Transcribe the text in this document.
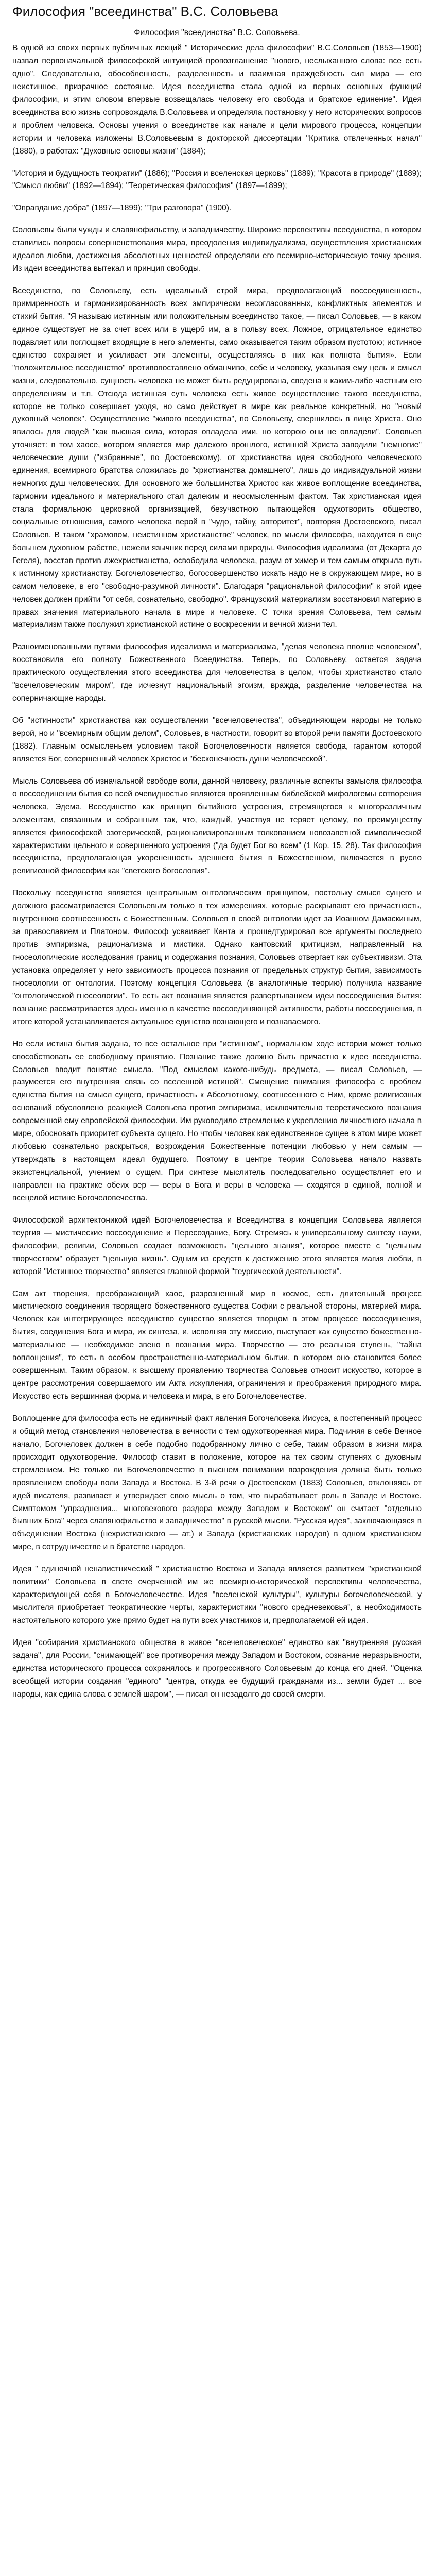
Философия "всеединства" В.С. Соловьева
Философия "всеединства" В.С. Соловьева.

В одной из своих первых публичных лекций " Исторические дела философии" В.С.Соловьев (1853—1900) назвал первоначальной философской интуицией провозглашение "нового, неслыханного слова: все есть одно". Следовательно, обособленность, разделенность и взаимная враждебность сил мира — его неистинное, призрачное состояние. Идея всеединства стала одной из первых основных функций философии, и этим словом впервые возвещалась человеку его свобода и братское единение". Идея всеединства всю жизнь сопровождала В.Соловьева и определяла постановку у него исторических вопросов и проблем человека. Основы учения о всеединстве как начале и цели мирового процесса, концепции истории и человека изложены В.Соловьевым в докторской диссертации "Критика отвлеченных начал" (1880), в работах: "Духовные основы жизни" (1884);

"История и будущность теократии" (1886); "Россия и вселенская церковь" (1889); "Красота в природе" (1889); "Смысл любви" (1892—1894); "Теоретическая философия" (1897—1899);

"Оправдание добра" (1897—1899); "Три разговора" (1900).

Соловьевы были чужды и славянофильству, и западничеству. Широкие перспективы всеединства, в котором ставились вопросы совершенствования мира, преодоления индивидуализма, осуществления христианских идеалов любви, достижения абсолютных ценностей определяли его всемирно-историческую точку зрения. Из идеи всеединства вытекал и принцип свободы.

Всеединство, по Соловьеву, есть идеальный строй мира, предполагающий воссоединенность, примиренность и гармонизированность всех эмпирически несогласованных, конфликтных элементов и стихий бытия. "Я называю истинным или положительным всеединство такое, — писал Соловьев, — в каком единое существует не за счет всех или в ущерб им, а в пользу всех. Ложное, отрицательное единство подавляет или поглощает входящие в него элементы, само оказывается таким образом пустотою; истинное единство сохраняет и усиливает эти элементы, осуществляясь в них как полнота бытия». Если "положительное всеединство" противопоставлено обманчиво, себе и человеку, указывая ему цель и смысл жизни, следовательно, сущность человека не может быть редуцирована, сведена к каким-либо частным его определениям и т.п. Отсюда истинная суть человека есть живое осуществление такого всеединства, которое не только совершает уходя, но само действует в мире как реальное конкретный, но "новый духовный человек". Осуществление "живого всеединства", по Соловьеву, свершилось в лице Христа. Оно явилось для людей "как высшая сила, которая овладела ими, но которою они не овладели". Соловьев уточняет: в том хаосе, котором является мир далекого прошлого, истинной Христа заводили "немногие" человеческие души ("избранные", по Достоевскому), от христианства идея свободного человеческого единения, всемирного братства сложилась до "христианства домашнего", лишь до индивидуальной жизни немногих душ человеческих. Для основного же большинства Христос как живое воплощение всеединства, гармонии идеального и материального стал далеким и неосмысленным фактом. Так христианская идея стала формальною церковной организацией, безучастною пытающейся одухотворить общество, социальные отношения, самого человека верой в "чудо, тайну, авторитет", повторяя Достоевского, писал Соловьев. В таком "храмовом, неистинном христианстве" человек, по мысли философа, находится в еще большем духовном рабстве, нежели язычник перед силами природы. Философия идеализма (от Декарта до Гегеля), восстав против лжехристианства, освободила человека, разум от химер и тем самым открыла путь к истинному христианству. Богочеловечество, богосовершенство искать надо не в окружающем мире, но в самом человеке, в его "свободно-разумной личности". Благодаря "рациональной философии" к этой идее человек должен прийти "от себя, сознательно, свободно". Французский материализм восстановил материю в правах значения материального начала в мире и человеке. С точки зрения Соловьева, тем самым материализм также послужил христианской истине о воскресении и вечной жизни тел.

Разноименованными путями философия идеализма и материализма, "делая человека вполне человеком", восстановила его полноту Божественного Всеединства. Теперь, по Соловьеву, остается задача практического осуществления этого всеединства для человечества в целом, чтобы христианство стало "всечеловеческим миром", где исчезнут национальный эгоизм, вражда, разделение человечества на соперничающие народы.

Об "истинности" христианства как осуществлении "всечеловечества", объединяющем народы не только верой, но и "всемирным общим делом", Соловьев, в частности, говорит во второй речи памяти Достоевского (1882). Главным осмысленьем условием такой Богочеловечности является свобода, гарантом которой является Бог, совершенный человек Христос и "бесконечность души человеческой".

Мысль Соловьева об изначальной свободе воли, данной человеку, различные аспекты замысла философа о воссоединении бытия со всей очевидностью являются проявленным библейской мифологемы сотворения человека, Эдема. Всеединство как принцип бытийного устроения, стремящегося к многоразличным элементам, связанным и собранным так, что, каждый, участвуя не теряет целому, по преимуществу является философской эзотерической, рационализированным толкованием новозаветной символической характеристики цельного и совершенного устроения ("да будет Бог во всем" (1 Кор. 15, 28). Так философия всеединства, предполагающая укорененность здешнего бытия в Божественном, включается в русло религиозной философии как "светского богословия".

Поскольку всеединство является центральным онтологическим принципом, постольку смысл сущего и должного рассматривается Соловьевым только в тех измерениях, которые раскрывают его причастность, внутреннюю соотнесенность с Божественным. Соловьев в своей онтологии идет за Иоанном Дамаскиным, за православием и Платоном. Философ усваивает Канта и прошедтурировал все аргументы последнего против эмпиризма, рационализма и мистики. Однако кантовский критицизм, направленный на гносеологические исследования границ и содержания познания, Соловьев отвергает как субъективизм. Эта установка определяет у него зависимость процесса познания от предельных структур бытия, зависимость гносеологии от онтологии. Поэтому концепция Соловьева (в аналогичные теорию) получила название "онтологической гносеологии". То есть акт познания является развертыванием идеи воссоединения бытия: познание рассматривается здесь именно в качестве воссоединяющей активности, работы воссоединения, в итоге которой устанавливается актуальное единство познающего и познаваемого.

Но если истина бытия задана, то все остальное при "истинном", нормальном ходе истории может только способствовать ее свободному принятию. Познание также должно быть причастно к идее всеединства. Соловьев вводит понятие смысла. "Под смыслом какого-нибудь предмета, — писал Соловьев, — разумеется его внутренняя связь со вселенной истиной". Смещение внимания философа с проблем единства бытия на смысл сущего, причастность к Абсолютному, соотнесенного с Ним, кроме религиозных оснований обусловлено реакцией Соловьева против эмпиризма, исключительно теоретического познания современной ему европейской философии. Им руководило стремление к укреплению личностного начала в мире, обосновать приоритет субъекта сущего. Но чтобы человек как единственное сущее в этом мире может любовью сознательно раскрыться, возрождения Божественные потенции любовью у нем самым — утверждать в настоящем идеал будущего. Поэтому в центре теории Соловьева начало назвать экзистенциальной, учением о сущем. При синтезе мыслитель последовательно осуществляет его и направлен на практике обеих вер — веры в Бога и веры в человека — сходятся в единой, полной и всецелой истине Богочеловечества.

Философской архитектоникой идей Богочеловечества и Всеединства в концепции Соловьева является теургия — мистические воссоединение и Пересоздание, Богу. Стремясь к универсальному синтезу науки, философии, религии, Соловьев создает возможность "цельного знания", которое вместе с "цельным творчеством" образует "цельную жизнь". Одним из средств к достижению этого является магия любви, в которой "Истинное творчество" является главной формой "теургической деятельности".

Сам акт творения, преображающий хаос, разрозненный мир в космос, есть длительный процесс мистического соединения творящего божественного существа Софии с реальной стороны, материей мира. Человек как интегрирующее всеединство существо является творцом в этом процессе воссоединения, бытия, соединения Бога и мира, их синтеза, и, исполняя эту миссию, выступает как существо божественно-материальное — необходимое звено в познании мира. Творчество — это реальная ступень, "тайна воплощения", то есть в особом пространственно-материальном бытии, в котором оно становится более совершенным. Таким образом, к высшему проявлению творчества Соловьев относит искусство, которое в центре рассмотрения совершаемого им Акта искупления, ограничения и преображения природного мира. Искусство есть вершинная форма и человека и мира, в его Богочеловечестве.

Воплощение для философа есть не единичный факт явления Богочеловека Иисуса, а постепенный процесс и общий метод становления человечества в вечности с тем одухотворенная мира. Подчиняя в себе Вечное начало, Богочеловек должен в себе подобно подобранному лично с себе, таким образом в жизни мира происходит одухотворение. Философ ставит в положение, которое на тех своим ступенях с духовным стремлением. Не только ли Богочеловечество в высшем понимании возрождения должна быть только проявлением свободы воли Запада и Востока. В 3-й речи о Достоевском (1883) Соловьев, отклоняясь от идей писателя, развивает и утверждает свою мысль о том, что вырабатывает роль в Западе и Востоке. Симптомом "упразднения... многовекового раздора между Западом и Востоком" он считает "отдельно бывших Бога" через славянофильство и западничество" в русской мысли. "Русская идея", заключающаяся в объединении Востока (нехристианского — ат.) и Запада (христианских народов) в одном христианском мире, в сотрудничестве и в братстве народов.

Идея " единочной ненавистнический " христианство Востока и Запада является развитием "христианской политики" Соловьева в свете очерченной им же всемирно-исторической перспективы человечества, характеризующей себя в Богочеловечестве. Идея "вселенской культуры", культуры богочеловеческой, у мыслителя приобретает теократические черты, характеристики "нового средневековья", а необходимость настоятельного которого уже прямо будет на пути всех участников и, предполагаемой ей идея.

Идея "собирания христианского общества в живое "всечеловеческое" единство как "внутренняя русская задача", для России, "снимающей" все противоречия между Западом и Востоком, сознание неразрывности, единства исторического процесса сохранялось и прогрессивного Соловьевым до конца его дней. "Оценка всеобщей истории создания "единого" "центра, откуда ее будущий гражданами из... земли будет ... все народы, как едина слова с землей шаром", — писал он незадолго до своей смерти.
